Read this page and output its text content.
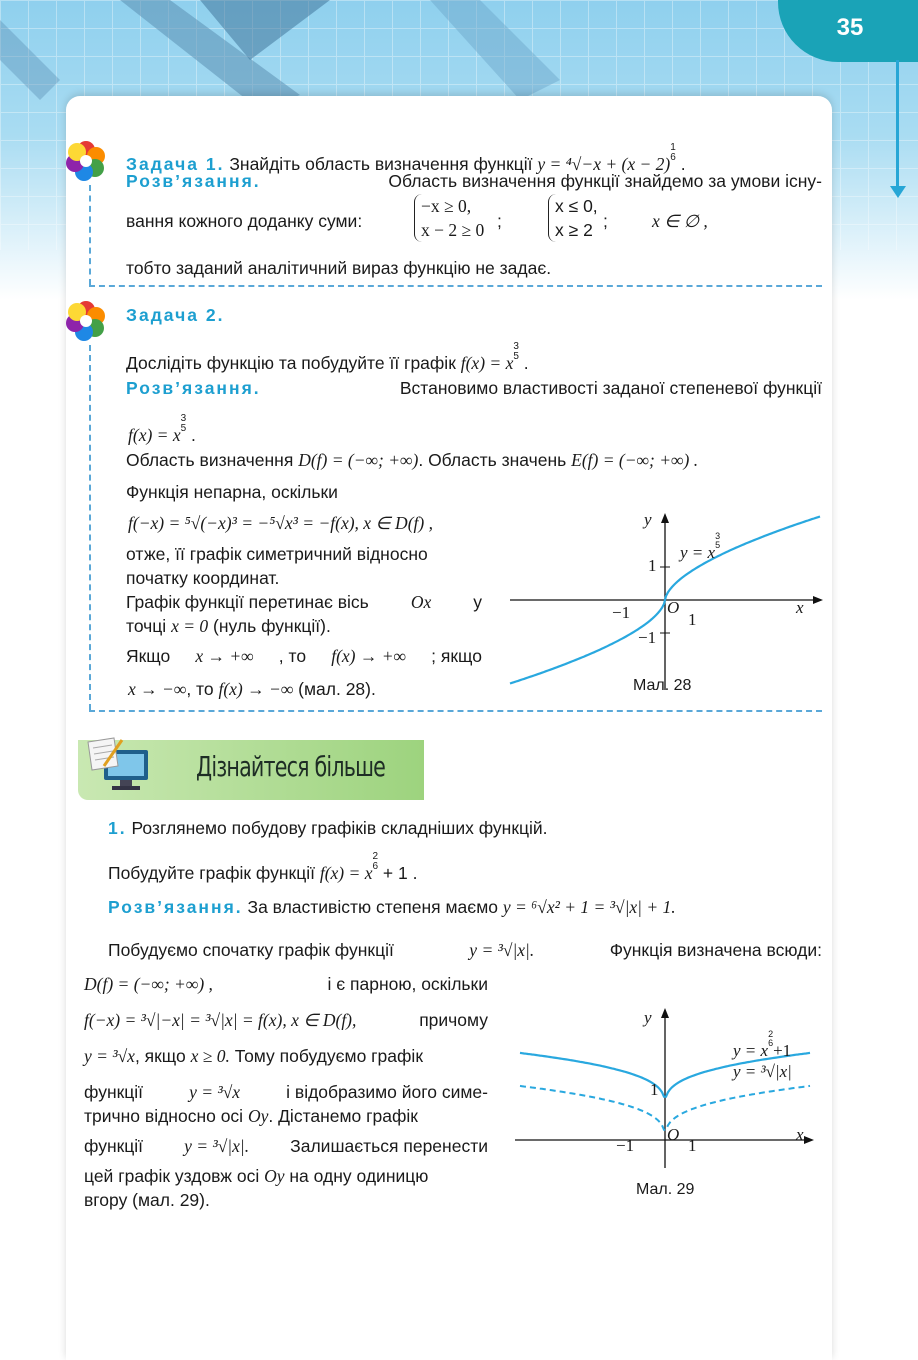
35
Задача 1. Знайдіть область визначення функції $y = ^4√-x + (x - 2)^{1 6}$ .
Розв’язання.	Область визначення функції знайдемо за умови існу-
вання кожного доданку суми:
−x ≥ 0,
x − 2 ≥ 0 ;
x ≤ 0,
x ≥ 2 ;	x ∈ ∅ ,
тобто заданий аналітичний вираз функцію не задає.
Задача 2.
Дослідіть функцію та побудуйте її графік $f(x) = x^{3 5}$ .
Розв’язання.	Встановимо властивості заданої степеневої функції
$f(x) = x^{3 5}$ .
Область визначення D(f) = (−∞; +∞). Область значень E(f) = (−∞; +∞) .
Функція непарна, оскільки
f(−x) = ⁵√(−x)³ = −⁵√x³ = −f(x), x ∈ D(f) ,
отже, її графік симетричний відносно
початку координат.
Графік функції перетинає вісь Ox у
точці x = 0 (нуль функції).
Якщо x → +∞ , то f(x) → +∞ ; якщо
x → −∞, то f(x) → −∞ (мал. 28).
y
x
O
$y = x^{3 5}$
1
−1
−1	1
Мал. 28
Дізнайтеся більше
1. Розглянемо побудову графіків складніших функцій.
Побудуйте графік функції $f(x) = x^{2 6} + 1$ .
Розв’язання. За властивістю степеня маємо y = ⁶√x² + 1 = ³√|x| + 1.
Побудуємо спочатку графік функції	y = ³√|x|.	Функція визначена всюди:
D(f) = (−∞; +∞) ,	і є парною, оскільки
f(−x) = ³√|−x| = ³√|x| = f(x), x ∈ D(f),	причому
y = ³√x, якщо x ≥ 0. Тому побудуємо графік
функції	y = ³√x	і відобразимо його симе-
трично відносно осі Oy. Дістанемо графік
функції y = ³√|x|. Залишається перенести
цей графік уздовж осі Oy на одну одиницю
вгору (мал. 29).
y
x
O
$y = x^{2 6}+1$
y = ³√|x|
1
−1	1
Мал. 29
